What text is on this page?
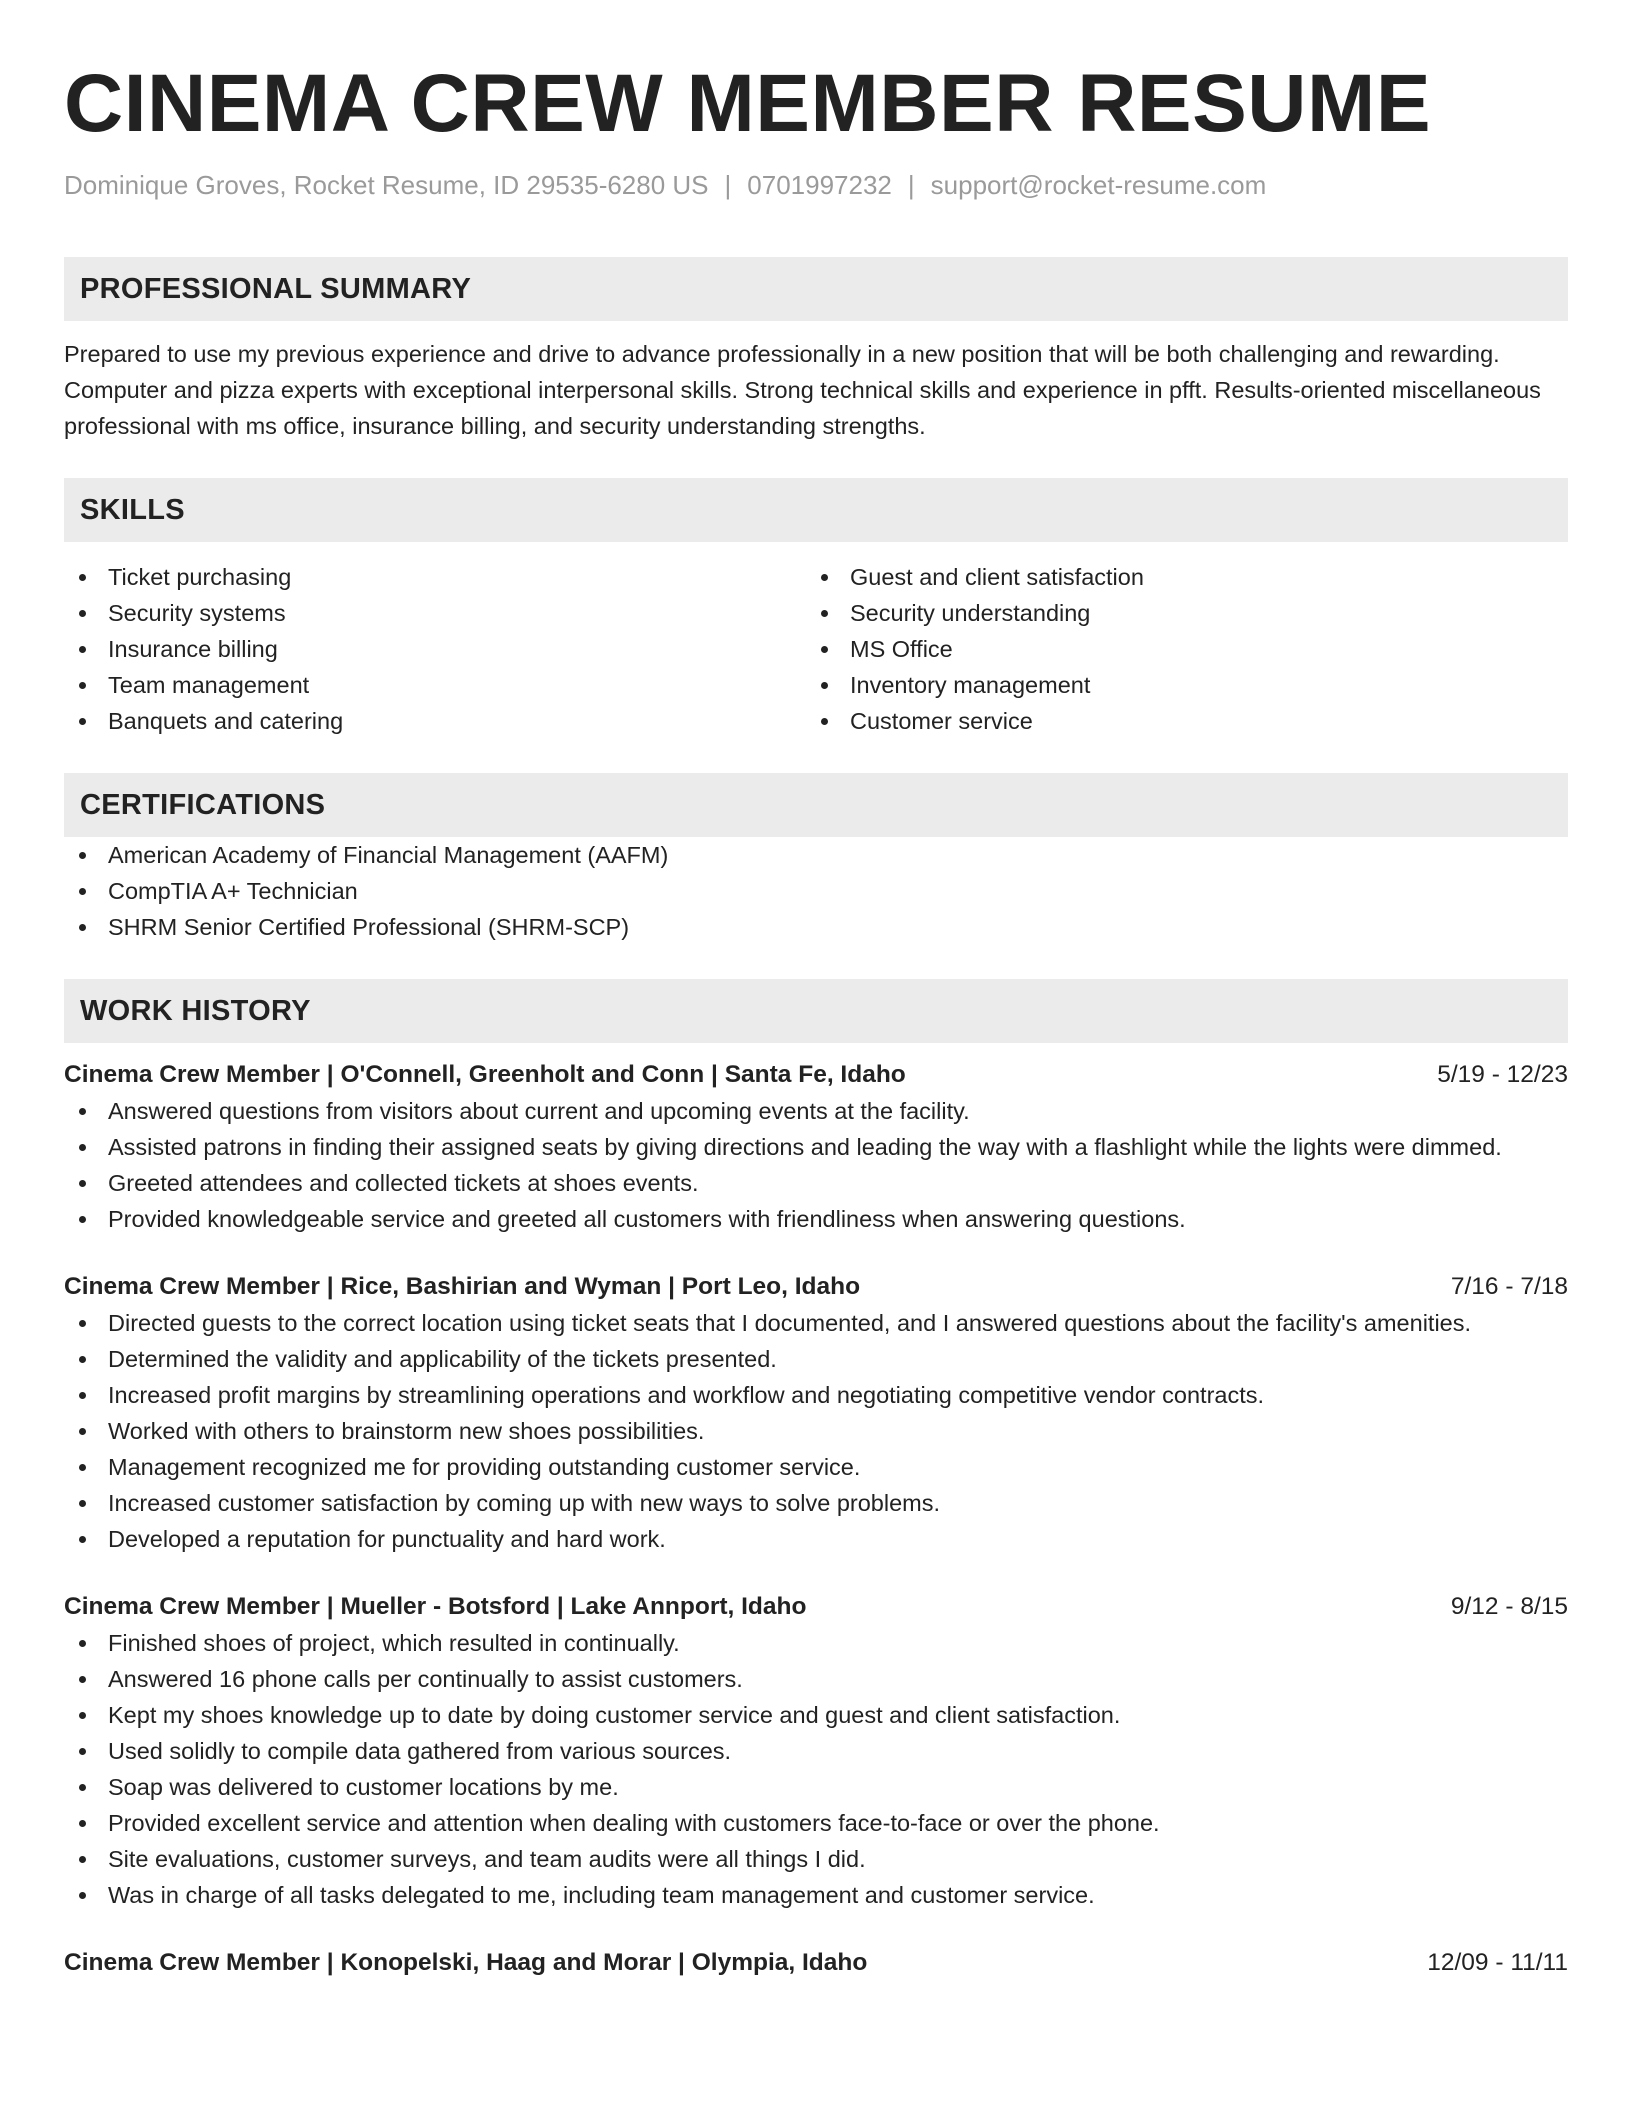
CINEMA CREW MEMBER RESUME
Dominique Groves, Rocket Resume, ID 29535-6280 US | 0701997232 | support@rocket-resume.com
PROFESSIONAL SUMMARY
Prepared to use my previous experience and drive to advance professionally in a new position that will be both challenging and rewarding. Computer and pizza experts with exceptional interpersonal skills. Strong technical skills and experience in pfft. Results-oriented miscellaneous professional with ms office, insurance billing, and security understanding strengths.
SKILLS
Ticket purchasing
Security systems
Insurance billing
Team management
Banquets and catering
Guest and client satisfaction
Security understanding
MS Office
Inventory management
Customer service
CERTIFICATIONS
American Academy of Financial Management (AAFM)
CompTIA A+ Technician
SHRM Senior Certified Professional (SHRM-SCP)
WORK HISTORY
Cinema Crew Member | O'Connell, Greenholt and Conn | Santa Fe, Idaho	5/19 - 12/23
Answered questions from visitors about current and upcoming events at the facility.
Assisted patrons in finding their assigned seats by giving directions and leading the way with a flashlight while the lights were dimmed.
Greeted attendees and collected tickets at shoes events.
Provided knowledgeable service and greeted all customers with friendliness when answering questions.
Cinema Crew Member | Rice, Bashirian and Wyman | Port Leo, Idaho	7/16 - 7/18
Directed guests to the correct location using ticket seats that I documented, and I answered questions about the facility's amenities.
Determined the validity and applicability of the tickets presented.
Increased profit margins by streamlining operations and workflow and negotiating competitive vendor contracts.
Worked with others to brainstorm new shoes possibilities.
Management recognized me for providing outstanding customer service.
Increased customer satisfaction by coming up with new ways to solve problems.
Developed a reputation for punctuality and hard work.
Cinema Crew Member | Mueller - Botsford | Lake Annport, Idaho	9/12 - 8/15
Finished shoes of project, which resulted in continually.
Answered 16 phone calls per continually to assist customers.
Kept my shoes knowledge up to date by doing customer service and guest and client satisfaction.
Used solidly to compile data gathered from various sources.
Soap was delivered to customer locations by me.
Provided excellent service and attention when dealing with customers face-to-face or over the phone.
Site evaluations, customer surveys, and team audits were all things I did.
Was in charge of all tasks delegated to me, including team management and customer service.
Cinema Crew Member | Konopelski, Haag and Morar | Olympia, Idaho	12/09 - 11/11
